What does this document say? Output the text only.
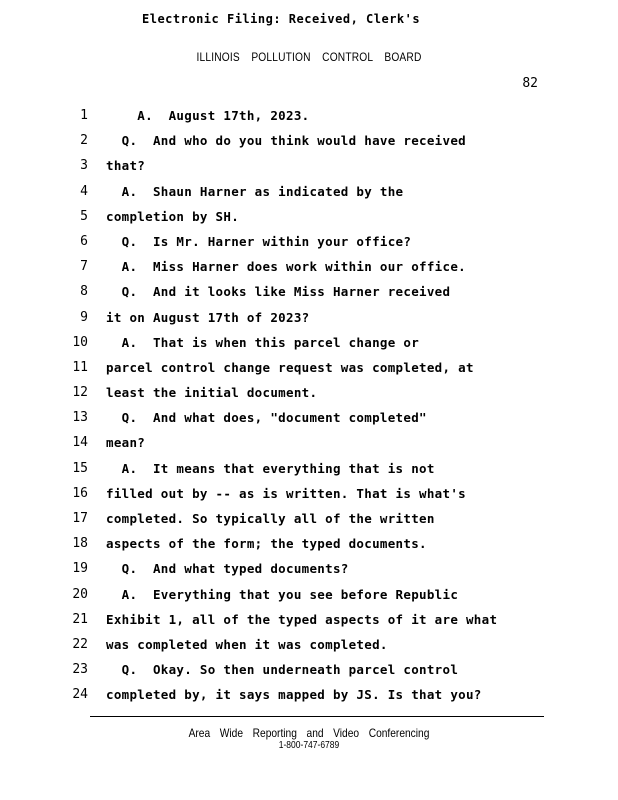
Electronic Filing: Received, Clerk's
ILLINOIS POLLUTION CONTROL BOARD
82
1 A.  August 17th, 2023.
2 Q.  And who do you think would have received
3 that?
4 A.  Shaun Harner as indicated by the
5 completion by SH.
6 Q.  Is Mr. Harner within your office?
7 A.  Miss Harner does work within our office.
8 Q.  And it looks like Miss Harner received
9 it on August 17th of 2023?
10 A.  That is when this parcel change or
11 parcel control change request was completed, at
12 least the initial document.
13 Q.  And what does, "document completed"
14 mean?
15 A.  It means that everything that is not
16 filled out by -- as is written. That is what's
17 completed. So typically all of the written
18 aspects of the form; the typed documents.
19 Q.  And what typed documents?
20 A.  Everything that you see before Republic
21 Exhibit 1, all of the typed aspects of it are what
22 was completed when it was completed.
23 Q.  Okay. So then underneath parcel control
24 completed by, it says mapped by JS. Is that you?
Area Wide Reporting and Video Conferencing
1-800-747-6789
